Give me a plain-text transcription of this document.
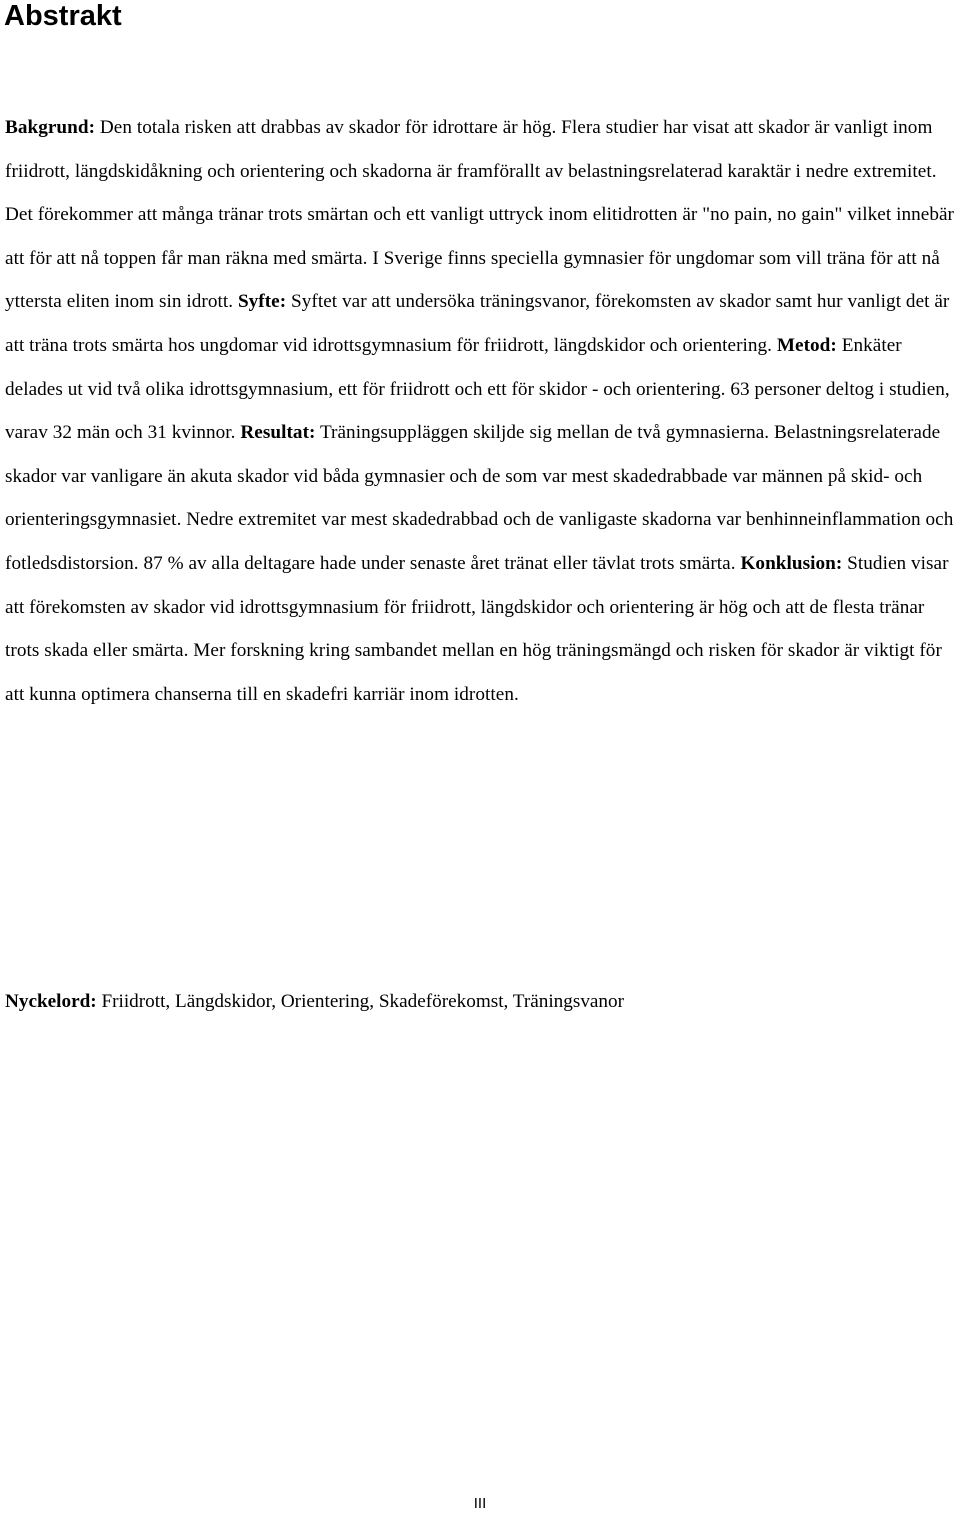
Abstrakt

Bakgrund: Den totala risken att drabbas av skador för idrottare är hög. Flera studier har visat att skador är vanligt inom friidrott, längdskidåkning och orientering och skadorna är framförallt av belastningsrelaterad karaktär i nedre extremitet. Det förekommer att många tränar trots smärtan och ett vanligt uttryck inom elitidrotten är "no pain, no gain" vilket innebär att för att nå toppen får man räkna med smärta. I Sverige finns speciella gymnasier för ungdomar som vill träna för att nå yttersta eliten inom sin idrott. Syfte: Syftet var att undersöka träningsvanor, förekomsten av skador samt hur vanligt det är att träna trots smärta hos ungdomar vid idrottsgymnasium för friidrott, längdskidor och orientering. Metod: Enkäter delades ut vid två olika idrottsgymnasium, ett för friidrott och ett för skidor - och orientering. 63 personer deltog i studien, varav 32 män och 31 kvinnor. Resultat: Träningsuppläggen skiljde sig mellan de två gymnasierna. Belastningsrelaterade skador var vanligare än akuta skador vid båda gymnasier och de som var mest skadedrabbade var männen på skid- och orienteringsgymnasiet. Nedre extremitet var mest skadedrabbad och de vanligaste skadorna var benhinneinflammation och fotledsdistorsion. 87 % av alla deltagare hade under senaste året tränat eller tävlat trots smärta. Konklusion: Studien visar att förekomsten av skador vid idrottsgymnasium för friidrott, längdskidor och orientering är hög och att de flesta tränar trots skada eller smärta. Mer forskning kring sambandet mellan en hög träningsmängd och risken för skador är viktigt för att kunna optimera chanserna till en skadefri karriär inom idrotten.

Nyckelord: Friidrott, Längdskidor, Orientering, Skadeförekomst, Träningsvanor

III
